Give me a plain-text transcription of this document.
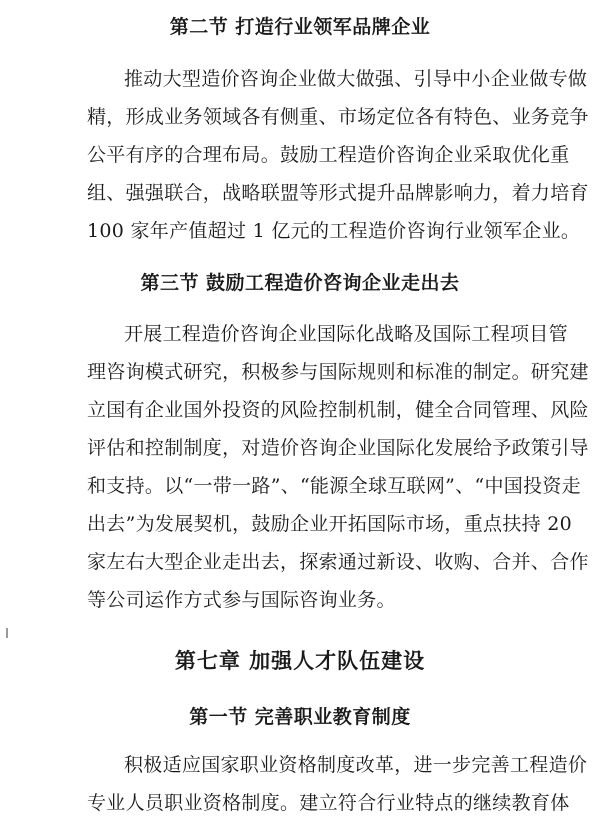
第二节 打造行业领军品牌企业
推动大型造价咨询企业做大做强、引导中小企业做专做
精，形成业务领域各有侧重、市场定位各有特色、业务竞争
公平有序的合理布局。鼓励工程造价咨询企业采取优化重
组、强强联合，战略联盟等形式提升品牌影响力，着力培育
100 家年产值超过 1 亿元的工程造价咨询行业领军企业。
第三节 鼓励工程造价咨询企业走出去
开展工程造价咨询企业国际化战略及国际工程项目管
理咨询模式研究，积极参与国际规则和标准的制定。研究建
立国有企业国外投资的风险控制机制，健全合同管理、风险
评估和控制制度，对造价咨询企业国际化发展给予政策引导
和支持。以“一带一路”、“能源全球互联网”、“中国投资走
出去”为发展契机，鼓励企业开拓国际市场，重点扶持 20
家左右大型企业走出去，探索通过新设、收购、合并、合作
等公司运作方式参与国际咨询业务。
第七章 加强人才队伍建设
第一节 完善职业教育制度
积极适应国家职业资格制度改革，进一步完善工程造价
专业人员职业资格制度。建立符合行业特点的继续教育体
